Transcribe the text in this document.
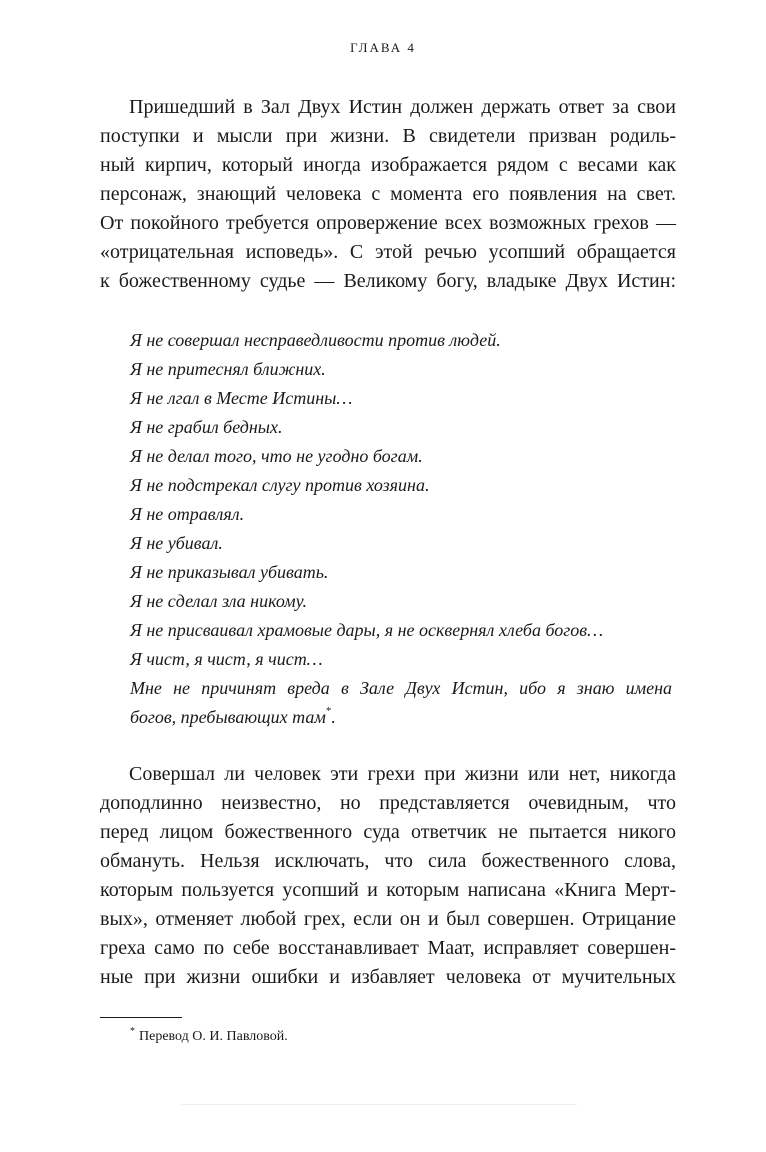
ГЛАВА 4
Пришедший в Зал Двух Истин должен держать ответ за свои
поступки и мысли при жизни. В свидетели призван родиль-
ный кирпич, который иногда изображается рядом с весами как
персонаж, знающий человека с момента его появления на свет.
От покойного требуется опровержение всех возможных грехов —
«отрицательная исповедь». С этой речью усопший обращается
к божественному судье — Великому богу, владыке Двух Истин:
Я не совершал несправедливости против людей.
Я не притеснял ближних.
Я не лгал в Месте Истины…
Я не грабил бедных.
Я не делал того, что не угодно богам.
Я не подстрекал слугу против хозяина.
Я не отравлял.
Я не убивал.
Я не приказывал убивать.
Я не сделал зла никому.
Я не присваивал храмовые дары, я не осквернял хлеба богов…
Я чист, я чист, я чист…
Мне не причинят вреда в Зале Двух Истин, ибо я знаю имена
богов, пребывающих там*.
Совершал ли человек эти грехи при жизни или нет, никогда
доподлинно неизвестно, но представляется очевидным, что
перед лицом божественного суда ответчик не пытается никого
обмануть. Нельзя исключать, что сила божественного слова,
которым пользуется усопший и которым написана «Книга Мерт-
вых», отменяет любой грех, если он и был совершен. Отрицание
греха само по себе восстанавливает Маат, исправляет совершен-
ные при жизни ошибки и избавляет человека от мучительных
* Перевод О. И. Павловой.
